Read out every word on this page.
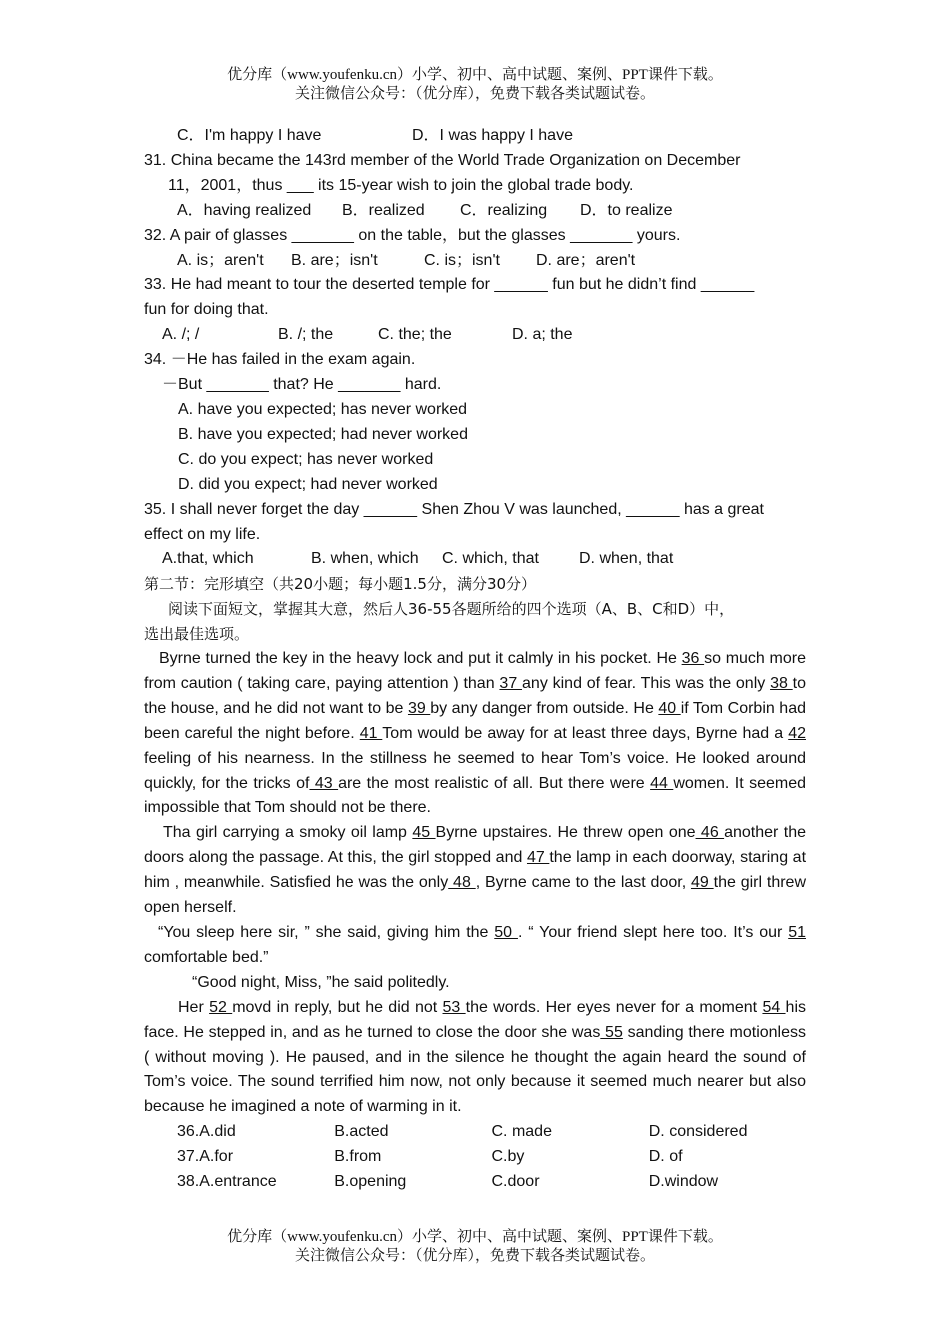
优分库（www.youfenku.cn）小学、初中、高中试题、案例、PPT课件下载。
关注微信公众号：（优分库），免费下载各类试题试卷。
C．I'm happy I have	D．I was happy I have
31. China became the 143rd member of the World Trade Organization on December
11，2001，thus ___ its 15-year wish to join the global trade body.
A．having realized	B．realized	C．realizing	D．to realize
32. A pair of glasses _______ on the table，but the glasses _______ yours.
A. is；aren't	B. are；isn't	C. is；isn't	D. are；aren't
33. He had meant to tour the deserted temple for ______ fun but he didn’t find ______
fun for doing that.
A. /; /	B. /; the	C. the; the	D. a; the
34. －He has failed in the exam again.
－But _______ that? He _______ hard.
A. have you expected; has never worked
B. have you expected; had never worked
C. do you expect; has never worked
D. did you expect; had never worked
35. I shall never forget the day ______ Shen Zhou V was launched, ______ has a great
effect on my life.
A.that, which	B. when, which	C. which, that	D. when, that
第二节：完形填空（共20小题；每小题1.5分，满分30分）
阅读下面短文，掌握其大意，然后人36-55各题所给的四个选项（A、B、C和D）中，
选出最佳选项。
Byrne turned the key in the heavy lock and put it calmly in his pocket. He 36 so much more from caution ( taking care, paying attention ) than 37 any kind of fear. This was the only 38 to the house, and he did not want to be 39 by any danger from outside. He 40 if Tom Corbin had been careful the night before. 41 Tom would be away for at least three days, Byrne had a 42 feeling of his nearness. In the stillness he seemed to hear Tom’s voice. He looked around quickly, for the tricks of 43 are the most realistic of all. But there were 44 women. It seemed impossible that Tom should not be there.
Tha girl carrying a smoky oil lamp 45 Byrne upstaires. He threw open one 46 another the doors along the passage. At this, the girl stopped and 47 the lamp in each doorway, staring at him , meanwhile. Satisfied he was the only 48 , Byrne came to the last door, 49 the girl threw open herself.
“You sleep here sir, ” she said, giving him the 50 . “ Your friend slept here too. It’s our 51 comfortable bed.”
“Good night, Miss, ”he said politedly.
Her 52 movd in reply, but he did not 53 the words. Her eyes never for a moment 54 his face. He stepped in, and as he turned to close the door she was 55 sanding there motionless ( without moving ). He paused, and in the silence he thought the again heard the sound of Tom’s voice. The sound terrified him now, not only because it seemed much nearer but also because he imagined a note of warming in it.
36.A.did	B.acted	C. made	D. considered
37.A.for	B.from	C.by	D. of
38.A.entrance	B.opening	C.door	D.window
优分库（www.youfenku.cn）小学、初中、高中试题、案例、PPT课件下载。
关注微信公众号：（优分库），免费下载各类试题试卷。
